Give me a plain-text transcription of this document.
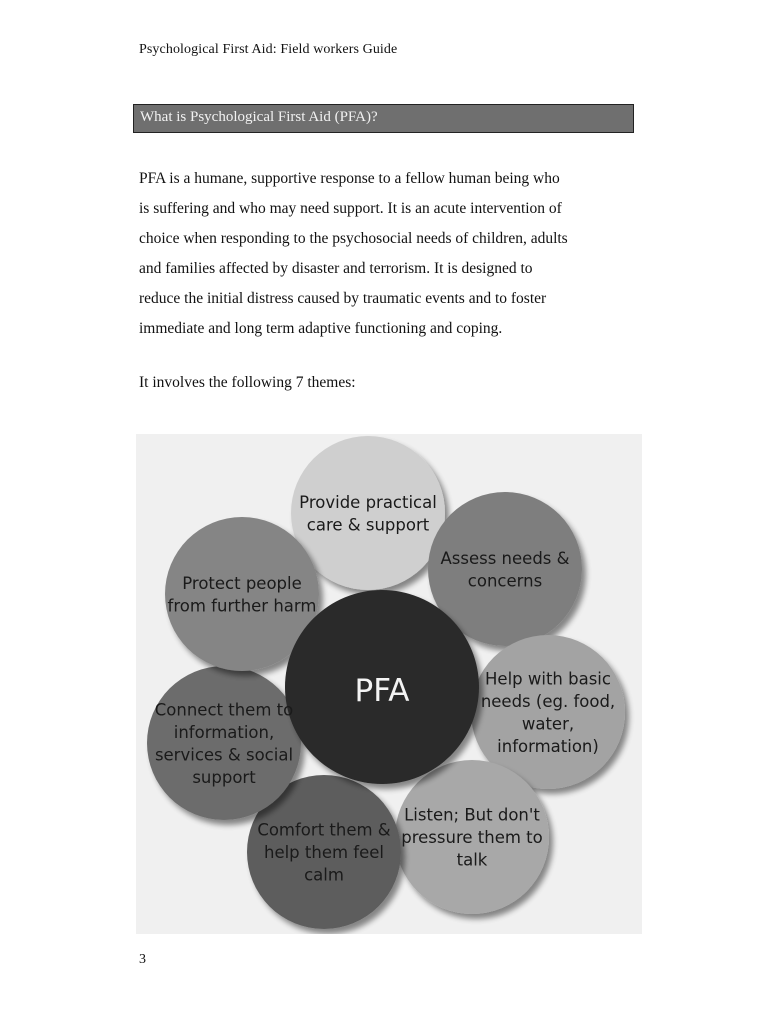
Psychological First Aid: Field workers Guide
What is Psychological First Aid (PFA)?

PFA is a humane, supportive response to a fellow human being who
is suffering and who may need support. It is an acute intervention of
choice when responding to the psychosocial needs of children, adults
and families affected by disaster and terrorism. It is designed to
reduce the initial distress caused by traumatic events and to foster
immediate and long term adaptive functioning and coping.

It involves the following 7 themes:

PFA
Provide practical care & support
Assess needs & concerns
Help with basic needs (eg. food, water, information)
Listen; But don't pressure them to talk
Comfort them & help them feel calm
Connect them to information, services & social support
Protect people from further harm
3
